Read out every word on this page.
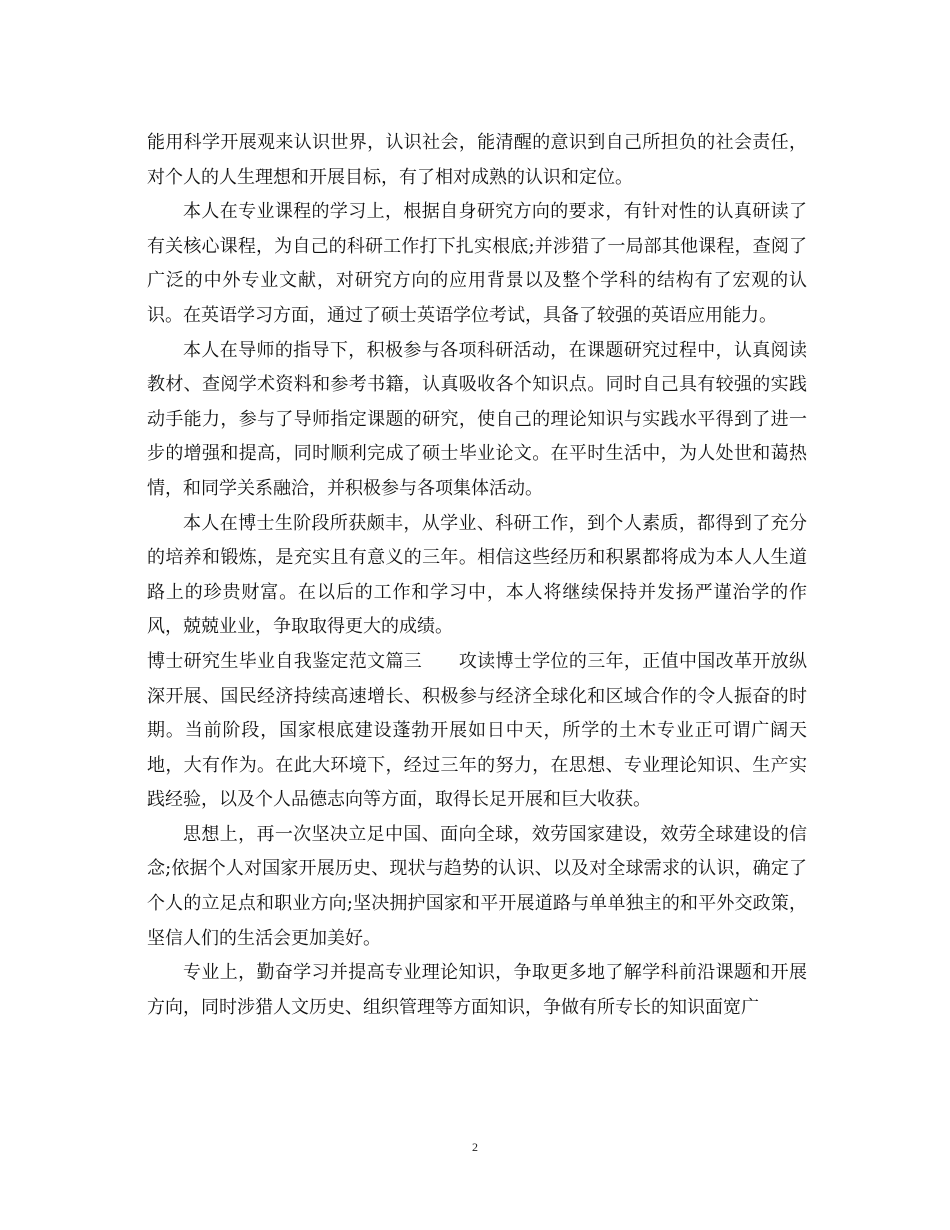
能用科学开展观来认识世界，认识社会，能清醒的意识到自己所担负的社会责任，对个人的人生理想和开展目标，有了相对成熟的认识和定位。

本人在专业课程的学习上，根据自身研究方向的要求，有针对性的认真研读了有关核心课程，为自己的科研工作打下扎实根底;并涉猎了一局部其他课程，查阅了广泛的中外专业文献，对研究方向的应用背景以及整个学科的结构有了宏观的认识。在英语学习方面，通过了硕士英语学位考试，具备了较强的英语应用能力。

本人在导师的指导下，积极参与各项科研活动，在课题研究过程中，认真阅读教材、查阅学术资料和参考书籍，认真吸收各个知识点。同时自己具有较强的实践动手能力，参与了导师指定课题的研究，使自己的理论知识与实践水平得到了进一步的增强和提高，同时顺利完成了硕士毕业论文。在平时生活中，为人处世和蔼热情，和同学关系融洽，并积极参与各项集体活动。

本人在博士生阶段所获颇丰，从学业、科研工作，到个人素质，都得到了充分的培养和锻炼，是充实且有意义的三年。相信这些经历和积累都将成为本人人生道路上的珍贵财富。在以后的工作和学习中，本人将继续保持并发扬严谨治学的作风，兢兢业业，争取取得更大的成绩。

博士研究生毕业自我鉴定范文篇三　　攻读博士学位的三年，正值中国改革开放纵深开展、国民经济持续高速增长、积极参与经济全球化和区域合作的令人振奋的时期。当前阶段，国家根底建设蓬勃开展如日中天，所学的土木专业正可谓广阔天地，大有作为。在此大环境下，经过三年的努力，在思想、专业理论知识、生产实践经验，以及个人品德志向等方面，取得长足开展和巨大收获。

思想上，再一次坚决立足中国、面向全球，效劳国家建设，效劳全球建设的信念;依据个人对国家开展历史、现状与趋势的认识、以及对全球需求的认识，确定了个人的立足点和职业方向;坚决拥护国家和平开展道路与单单独主的和平外交政策，坚信人们的生活会更加美好。

专业上，勤奋学习并提高专业理论知识，争取更多地了解学科前沿课题和开展方向，同时涉猎人文历史、组织管理等方面知识，争做有所专长的知识面宽广

2
